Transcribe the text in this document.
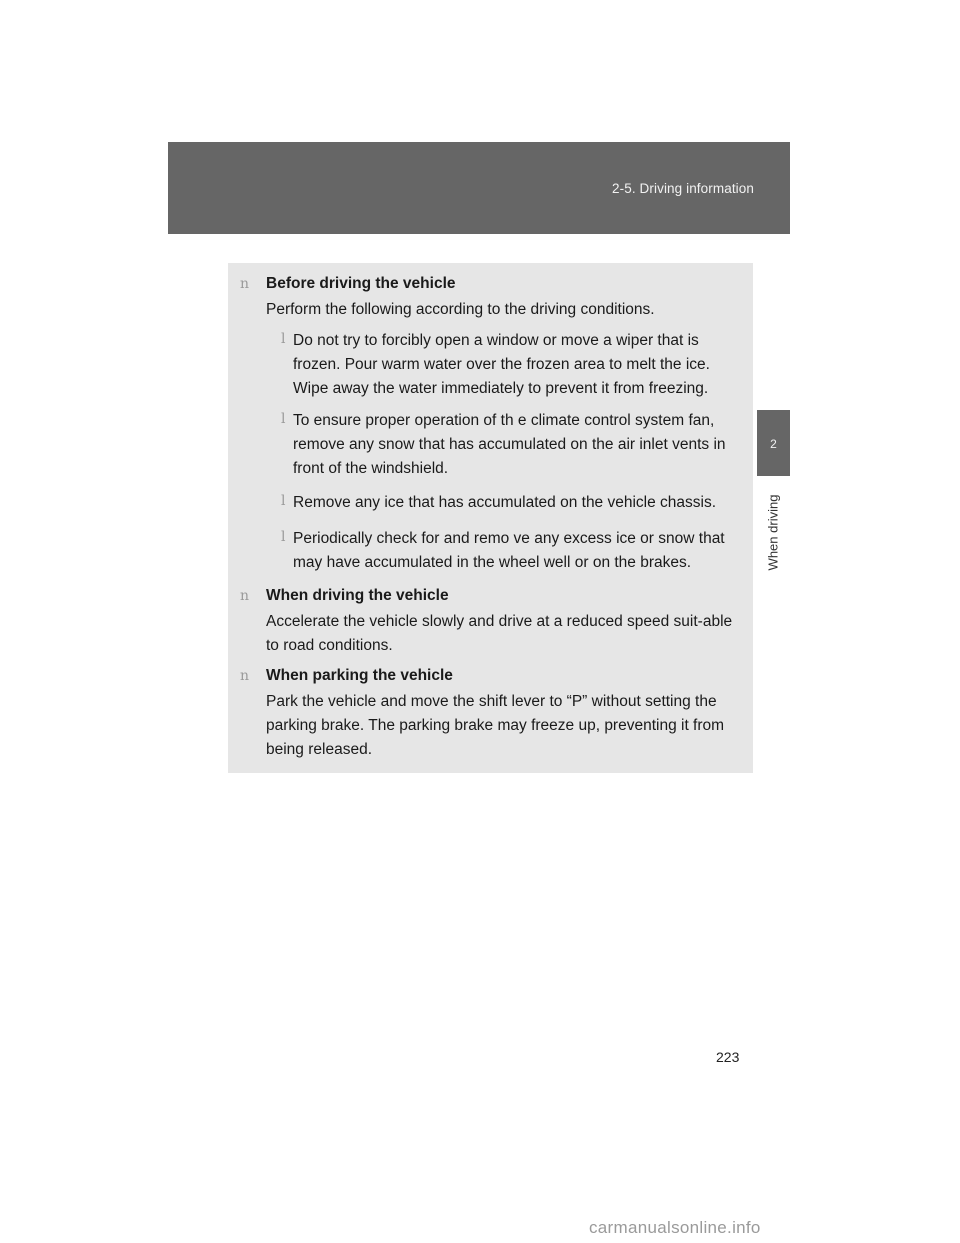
2-5. Driving information
2
When driving
n Before driving the vehicle
Perform the following according to the driving conditions.
l Do not try to forcibly open a window or move a wiper that is frozen. Pour warm water over the frozen area to melt the ice. Wipe away the water immediately to prevent it from freezing.
l To ensure proper operation of th e climate control system fan, remove any snow that has accumulated on the air inlet vents in front of the windshield.
l Remove any ice that has accumulated on the vehicle chassis.
l Periodically check for and remo ve any excess ice or snow that may have accumulated in the wheel well or on the brakes.
n When driving the vehicle
Accelerate the vehicle slowly and drive at a reduced speed suit-able to road conditions.
n When parking the vehicle
Park the vehicle and move the shift lever to “P” without setting the parking brake. The parking brake may freeze up, preventing it from being released.
223
carmanualsonline.info
